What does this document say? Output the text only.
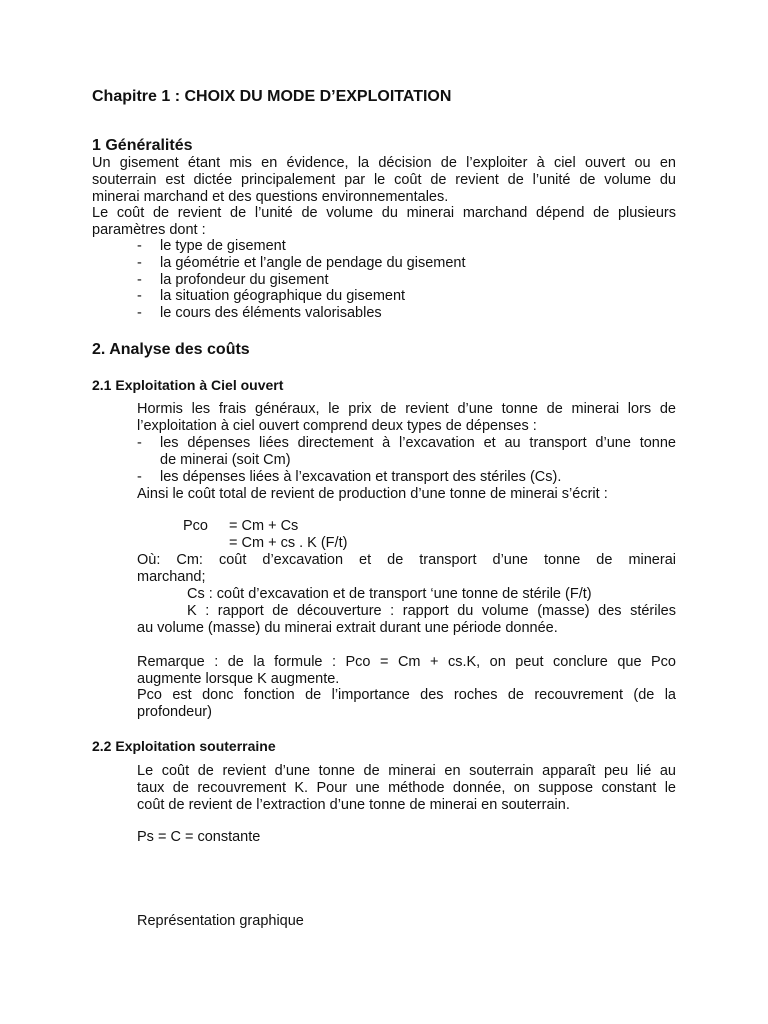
Chapitre 1 : CHOIX DU MODE D’EXPLOITATION
1 Généralités
Un gisement étant mis en évidence, la décision de l’exploiter à ciel ouvert ou en
souterrain est dictée principalement par le coût de revient de l’unité de volume du
minerai marchand et des questions environnementales.
Le coût de revient de l’unité de volume du minerai marchand dépend de plusieurs
paramètres dont :
- le type de gisement
- la géométrie et l’angle de pendage du gisement
- la profondeur du gisement
- la situation géographique du gisement
- le cours des éléments valorisables
2. Analyse des coûts
2.1 Exploitation à Ciel ouvert
Hormis les frais généraux, le prix de revient d’une tonne de minerai lors de
l’exploitation à ciel ouvert comprend deux types de dépenses :
- les dépenses liées directement à l’excavation et au transport d’une tonne
de minerai (soit Cm)
- les dépenses liées à l’excavation et transport des stériles (Cs).
Ainsi le coût total de revient de production d’une tonne de minerai s’écrit :
Pco = Cm + Cs
= Cm + cs . K (F/t)
Où: Cm: coût d’excavation et de transport d’une tonne de minerai
marchand;
Cs : coût d’excavation et de transport ‘une tonne de stérile (F/t)
K : rapport de découverture : rapport du volume (masse) des stériles
au volume (masse) du minerai extrait durant une période donnée.
Remarque : de la formule : Pco = Cm + cs.K, on peut conclure que Pco
augmente lorsque K augmente.
Pco est donc fonction de l’importance des roches de recouvrement (de la
profondeur)
2.2 Exploitation souterraine
Le coût de revient d’une tonne de minerai en souterrain apparaît peu lié au
taux de recouvrement K. Pour une méthode donnée, on suppose constant le
coût de revient de l’extraction d’une tonne de minerai en souterrain.
Ps = C = constante
Représentation graphique
